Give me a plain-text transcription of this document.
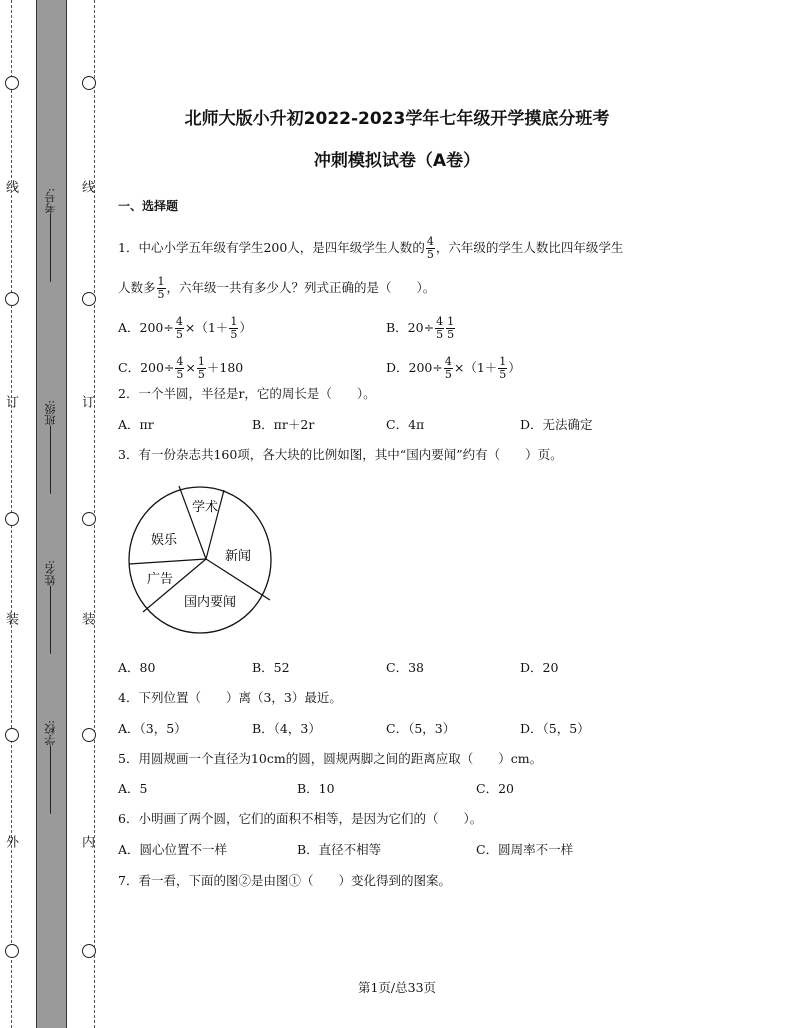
线
订
装
外
线
订
装
内
考号:
班级:
姓名:
学校:
北师大版小升初2022-2023学年七年级开学摸底分班考
冲刺模拟试卷（A卷）
一、选择题
1．中心小学五年级有学生200人，是四年级学生人数的 $\frac{4}{5}$ ，六年级的学生人数比四年级学生
人数多 $\frac{1}{5}$ ，六年级一共有多少人？列式正确的是（　　）。
A．$200\div \frac{4}{5} \times(1+ \frac{1}{5}$ ）	B．$20\div \frac{4}{5} \frac{1}{5}$
C．$200\div \frac{4}{5} \times \frac{1}{5} +180$	D．$200\div \frac{4}{5} \times(1+ \frac{1}{5}$ ）
2．一个半圆，半径是r，它的周长是（　　）。
A．πr	B．πr＋2r	C．4π	D．无法确定
3．有一份杂志共160项，各大块的比例如图，其中“国内要闻”约有（　　）页。
学术
娱乐
新闻
广告
国内要闻
A．80	B．52	C．38	D．20
4．下列位置（　　）离（3，3）最近。
A．（3，5）	B．（4，3）	C．（5，3）	D．（5，5）
5．用圆规画一个直径为10cm的圆，圆规两脚之间的距离应取（　　）cm。
A．5	B．10	C．20
6．小明画了两个圆，它们的面积不相等，是因为它们的（　　）。
A．圆心位置不一样	B．直径不相等	C．圆周率不一样
7．看一看，下面的图②是由图①（　　）变化得到的图案。
第1页/总33页
